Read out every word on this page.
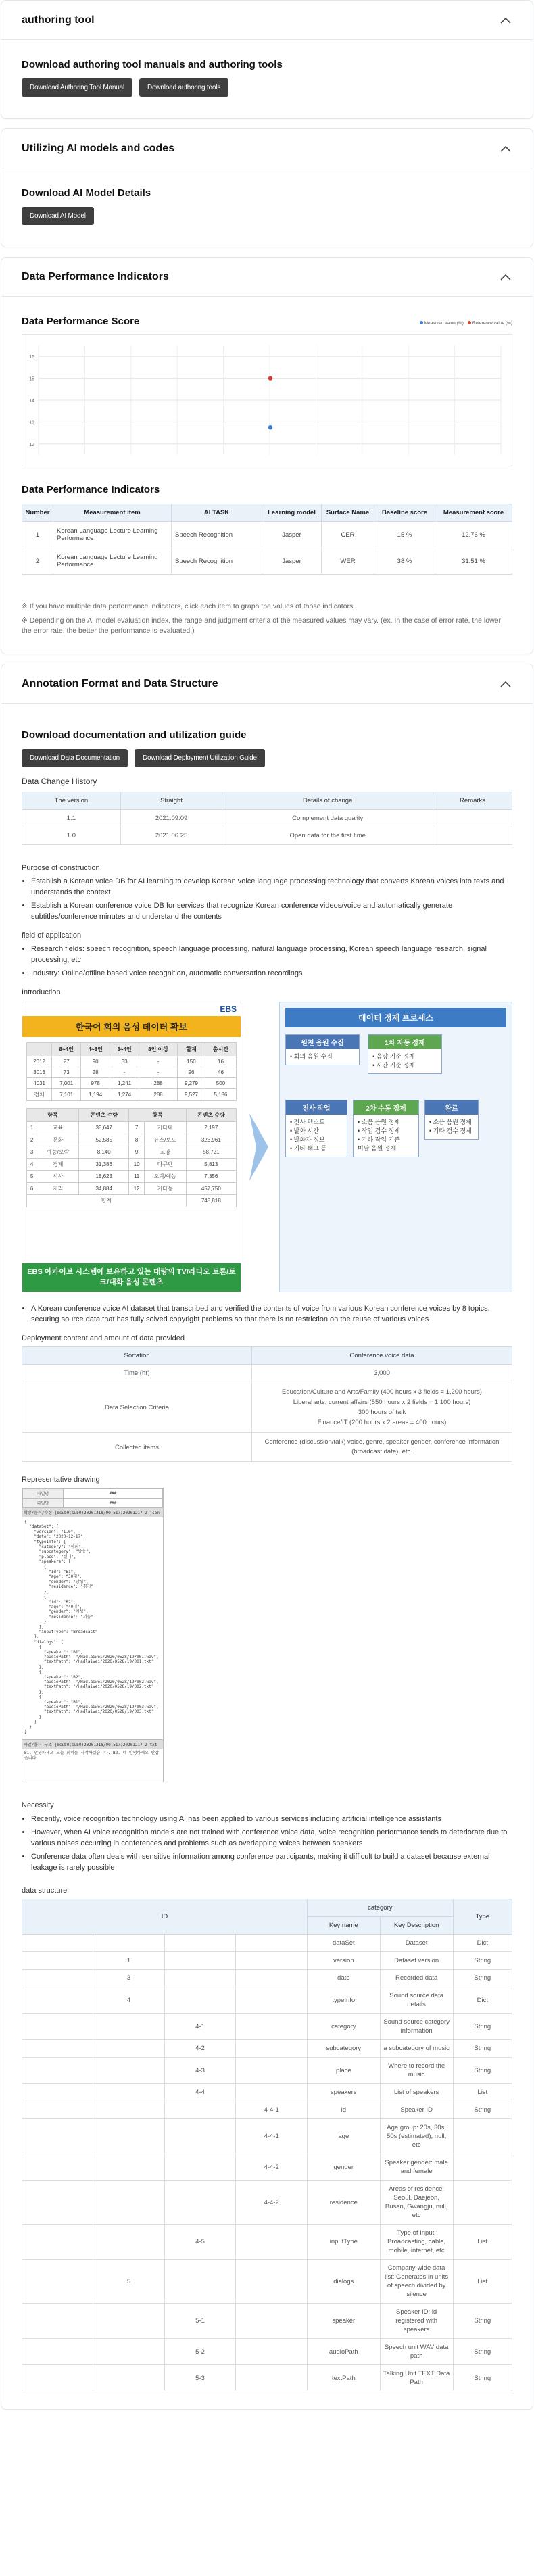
authoring tool
Download authoring tool manuals and authoring tools
Download Authoring Tool Manual	Download authoring tools
Utilizing AI models and codes
Download AI Model Details
Download AI Model
Data Performance Indicators
Data Performance Score	Measured value (%)	Reference value (%)
16
15
14
13
12
Data Performance Indicators
Number	Measurement item	AI TASK	Learning model	Surface Name	Baseline score	Measurement score
1	Korean Language Lecture Learning Performance	Speech Recognition	Jasper	CER	15 %	12.76 %
2	Korean Language Lecture Learning Performance	Speech Recognition	Jasper	WER	38 %	31.51 %
※ If you have multiple data performance indicators, click each item to graph the values of those indicators.
※ Depending on the AI model evaluation index, the range and judgment criteria of the measured values may vary. (ex. In the case of error rate, the lower the error rate, the better the performance is evaluated.)
Annotation Format and Data Structure
Download documentation and utilization guide
Download Data Documentation	Download Deployment Utilization Guide
Data Change History
The version	Straight	Details of change	Remarks
1.1	2021.09.09	Complement data quality	
1.0	2021.06.25	Open data for the first time	
Purpose of construction
• Establish a Korean voice DB for AI learning to develop Korean voice language processing technology that converts Korean voices into texts and understands the context
• Establish a Korean conference voice DB for services that recognize Korean conference videos/voice and automatically generate subtitles/conference minutes and understand the contents
field of application
• Research fields: speech recognition, speech language processing, natural language processing, Korean speech language research, signal processing, etc
• Industry: Online/offline based voice recognition, automatic conversation recordings
Introduction
EBS
한국어 회의 음성 데이터 확보
	8~4인	4~8인	8~4인	8인 이상	합계	총시간
2012	27	90	33	-	150	16
3013	73	28	-	-	96	46
4031	7,001	978	1,241	288	9,279	500
전체	7,101	1,194	1,274	288	9,527	5,186
항목		콘텐츠 수량	항목		콘텐츠 수량
1	교육	38,647	7	기타대	2,197
2	문화	52,585	8	뉴스/보도	323,961
3	예능/오락	8,140	9	교양	58,721
4	경제	31,386	10	다큐멘	5,813
5	시사	18,623	11	오락/예능	7,356
6	지리	34,884	12	기타등	457,750
합계					748,818
EBS 아카이브 시스템에 보유하고 있는 대량의 TV/라디오 토론/토크/대화 음성 콘텐츠
데이터 정제 프로세스
원천 음원 수집
• 회의 음원 수집
1차 자동 정제
• 음량 기준 정제
• 시간 기준 정제
전사 작업
• 전사 텍스트
• 발화 시간
• 발화자 정보
• 기타 태그 등
2차 수동 정제
• 소음 음원 정제
• 작업 검수 정제
• 기타 작업 기준
미달 음원 정제
완료
• 소음 음원 정제
• 기타 검수 정제
• A Korean conference voice AI dataset that transcribed and verified the contents of voice from various Korean conference voices by 8 topics, securing source data that has fully solved copyright problems so that there is no restriction on the reuse of various voices
Deployment content and amount of data provided
Sortation	Conference voice data
Time (hr)	3,000
Data Selection Criteria	Education/Culture and Arts/Family (400 hours x 3 fields = 1,200 hours)
Liberal arts, current affairs (550 hours x 2 fields = 1,100 hours)
300 hours of talk
Finance/IT (200 hours x 2 areas = 400 hours)
Collected items	Conference (discussion/talk) voice, genre, speaker gender, conference information (broadcast date), etc.
Representative drawing
파일명	###
파일명	###
확장/분석/수정_[0sub0(sub0)20201218/00(517)20201217_2 json
{
"dataSet": {
"version": "1.0",
"date": "2020-12-17",
"typeInfo": {
"category": "학회",
"subcategory": "방송",
"place": "실내",
"speakers": [
{
"id": "B1",
"age": "30대",
"gender": "남성",
"residence": "경기"
},
{
"id": "B2",
"age": "40대",
"gender": "여성",
"residence": "서울"
}
],
"inputType": "Broadcast"
},
"dialogs": [
{
"speaker": "B1",
"audioPath": "/Hadlaiwei/2020/0528/19/001.wav",
"textPath": "/Hadlaiwei/2020/0528/19/001.txt"
},
{
"speaker": "B2",
"audioPath": "/Hadlaiwei/2020/0528/19/002.wav",
"textPath": "/Hadlaiwei/2020/0528/19/002.txt"
},
{
"speaker": "B1",
"audioPath": "/Hadlaiwei/2020/0528/19/003.wav",
"textPath": "/Hadlaiwei/2020/0528/19/003.txt"
}
]
}
}
파일/폴더 구조_[0sub0(sub0)20201218/00(517)20201217_2 txt
B1. 안녕하세요 오늘 회의를 시작하겠습니다. B2. 네 안녕하세요 반갑습니다
Necessity
• Recently, voice recognition technology using AI has been applied to various services including artificial intelligence assistants
• However, when AI voice recognition models are not trained with conference voice data, voice recognition performance tends to deteriorate due to various noises occurring in conferences and problems such as overlapping voices between speakers
• Conference data often deals with sensitive information among conference participants, making it difficult to build a dataset because external leakage is rarely possible
data structure
ID				category		Type
				Key name	Key Description	
				dataSet	Dataset	Dict
	1			version	Dataset version	String
	3			date	Recorded data	String
	4			typeInfo	Sound source data details	Dict
		4-1		category	Sound source category information	String
		4-2		subcategory	a subcategory of music	String
		4-3		place	Where to record the music	String
		4-4		speakers	List of speakers	List
			4-4-1	id	Speaker ID	String
			4-4-1	age	Age group: 20s, 30s, 50s (estimated), null, etc	
			4-4-2	gender	Speaker gender: male and female	
			4-4-2	residence	Areas of residence: Seoul, Daejeon, Busan, Gwangju, null, etc	
		4-5		inputType	Type of Input: Broadcasting, cable, mobile, internet, etc	List
	5			dialogs	Company-wide data list: Generates in units of speech divided by silence	List
		5-1		speaker	Speaker ID: id registered with speakers	String
		5-2		audioPath	Speech unit WAV data path	String
		5-3		textPath	Talking Unit TEXT Data Path	String
